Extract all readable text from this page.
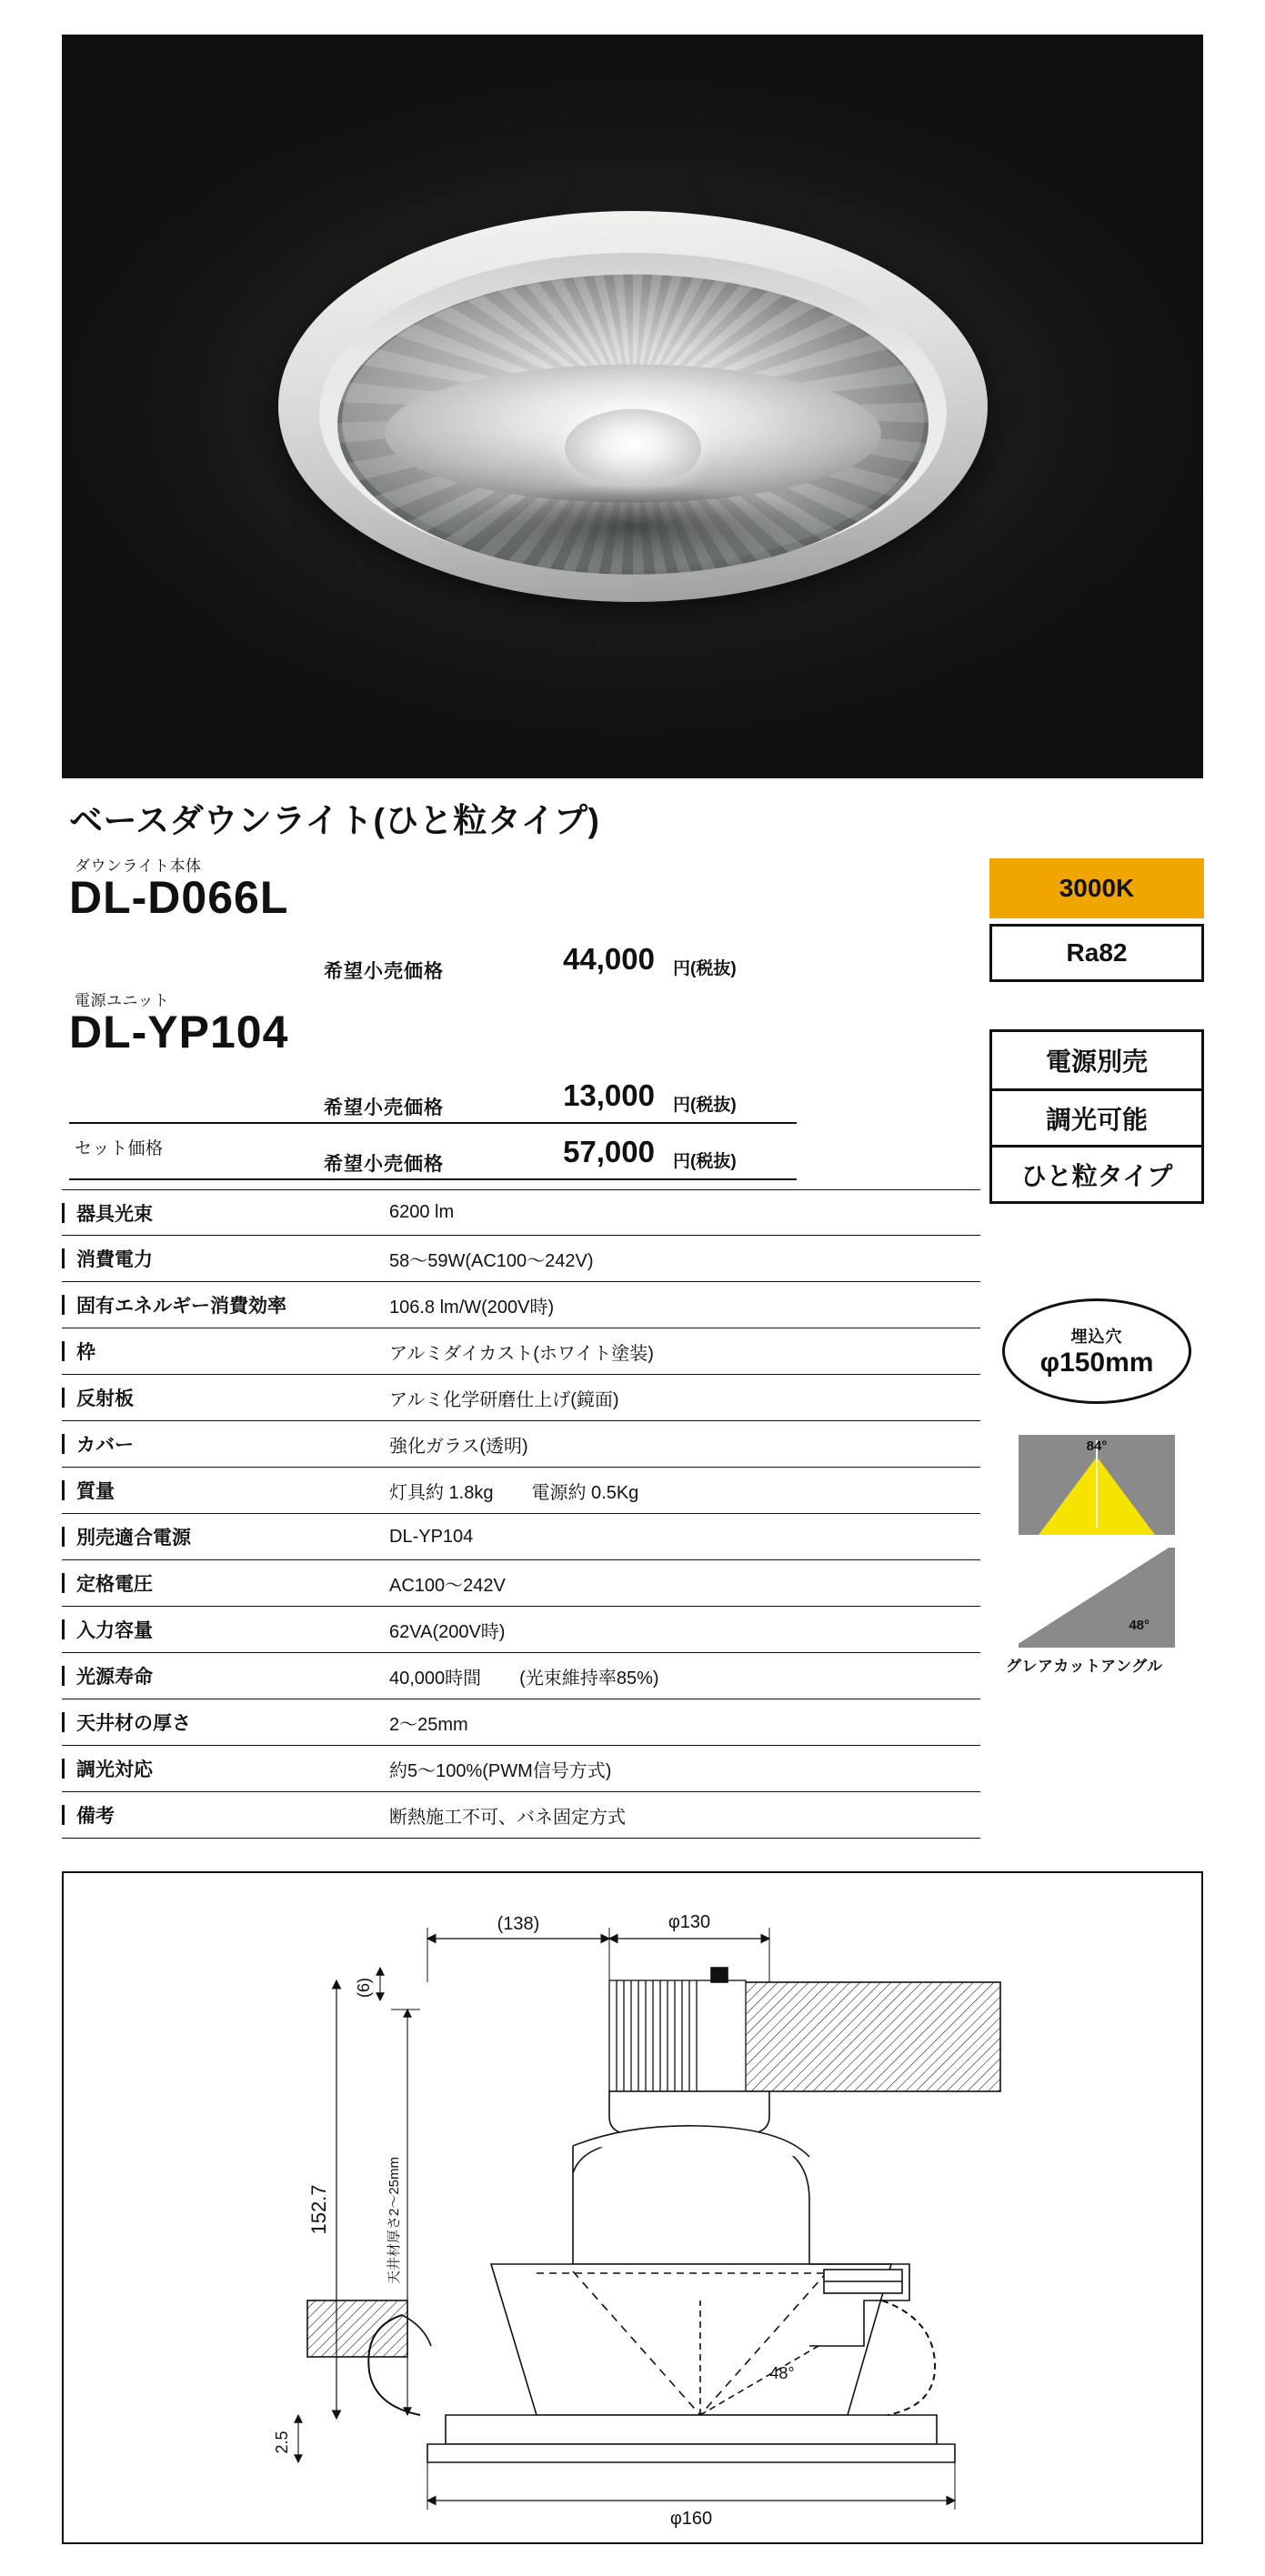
ベースダウンライト(ひと粒タイプ)
ダウンライト本体
DL-D066L
希望小売価格	44,000 円(税抜)
電源ユニット
DL-YP104
希望小売価格	13,000 円(税抜)
セット価格
希望小売価格	57,000 円(税抜)
器具光束	6200 lm
消費電力	58〜59W(AC100〜242V)
固有エネルギー消費効率	106.8 lm/W(200V時)
枠	アルミダイカスト(ホワイト塗装)
反射板	アルミ化学研磨仕上げ(鏡面)
カバー	強化ガラス(透明)
質量	灯具約 1.8kg 電源約 0.5Kg
別売適合電源	DL-YP104
定格電圧	AC100〜242V
入力容量	62VA(200V時)
光源寿命	40,000時間 (光束維持率85%)
天井材の厚さ	2〜25mm
調光対応	約5〜100%(PWM信号方式)
備考	断熱施工不可、バネ固定方式
3000K
Ra82
電源別売
調光可能
ひと粒タイプ
埋込穴
φ150mm
84°
48°
グレアカットアングル
(138)	φ130
(6)
152.7	天井材厚さ2〜25mm
2.5
φ160
48°
